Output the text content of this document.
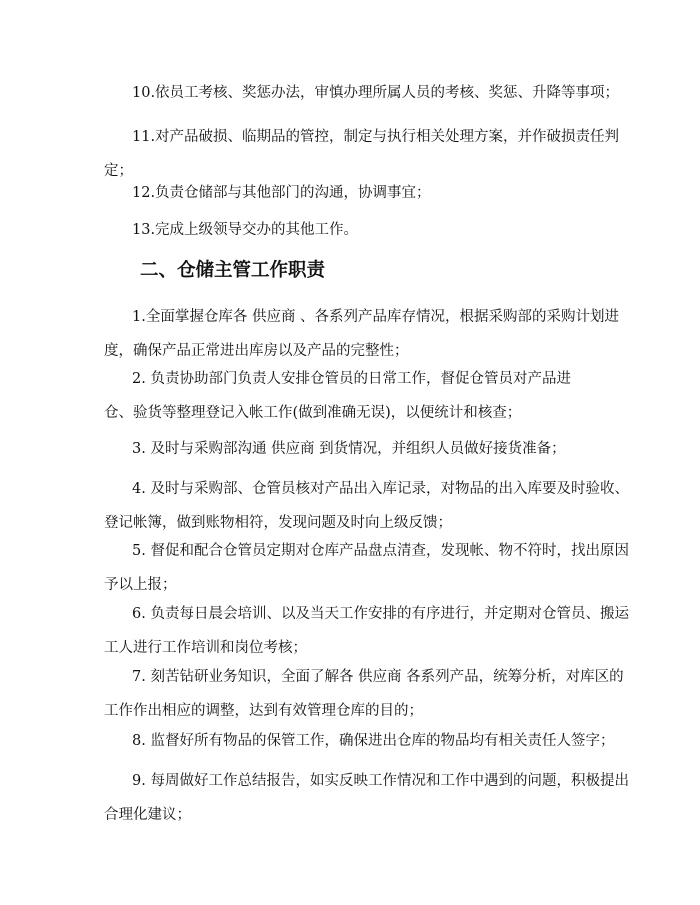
10.依员工考核、奖惩办法，审慎办理所属人员的考核、奖惩、升降等事项；

11.对产品破损、临期品的管控，制定与执行相关处理方案，并作破损责任判
定；

12.负责仓储部与其他部门的沟通，协调事宜；

13.完成上级领导交办的其他工作。

二、仓储主管工作职责

1.全面掌握仓库各 供应商 、各系列产品库存情况，根据采购部的采购计划进
度，确保产品正常进出库房以及产品的完整性；

2. 负责协助部门负责人安排仓管员的日常工作，督促仓管员对产品进

仓、验货等整理登记入帐工作(做到准确无误)，以便统计和核查；

3. 及时与采购部沟通 供应商 到货情况，并组织人员做好接货准备；

4. 及时与采购部、仓管员核对产品出入库记录，对物品的出入库要及时验收、
登记帐簿，做到账物相符，发现问题及时向上级反馈；

5. 督促和配合仓管员定期对仓库产品盘点清查，发现帐、物不符时，找出原因
予以上报；

6. 负责每日晨会培训、以及当天工作安排的有序进行，并定期对仓管员、搬运
工人进行工作培训和岗位考核；

7. 刻苦钻研业务知识，全面了解各 供应商 各系列产品，统筹分析，对库区的
工作作出相应的调整，达到有效管理仓库的目的；

8. 监督好所有物品的保管工作，确保进出仓库的物品均有相关责任人签字；

9. 每周做好工作总结报告，如实反映工作情况和工作中遇到的问题，积极提出
合理化建议；
